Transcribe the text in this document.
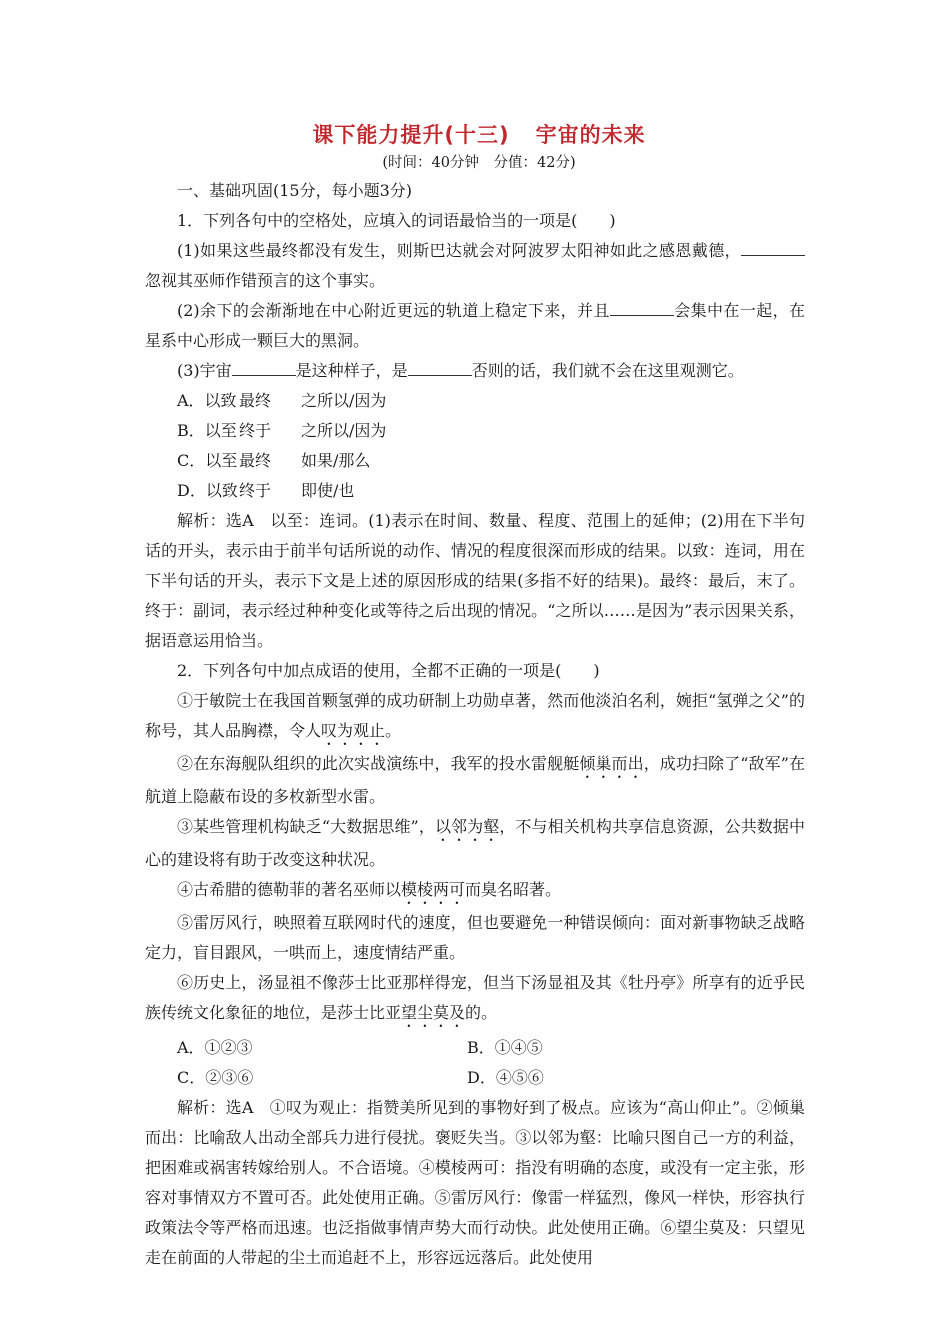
课下能力提升(十三) 宇宙的未来
(时间：40分钟　分值：42分)

一、基础巩固(15分，每小题3分)

1．下列各句中的空格处，应填入的词语最恰当的一项是(　　)

(1)如果这些最终都没有发生，则斯巴达就会对阿波罗太阳神如此之感恩戴德，忽视其巫师作错预言的这个事实。

(2)余下的会渐渐地在中心附近更远的轨道上稳定下来，并且	会集中在一起，在星系中心形成一颗巨大的黑洞。

(3)宇宙	是这种样子，是	否则的话，我们就不会在这里观测它。

A．以致 最终 之所以/因为
B．以至 终于 之所以/因为
C．以至 最终 如果/那么
D．以致终于 即使/也

解析：选A　以至：连词。(1)表示在时间、数量、程度、范围上的延伸；(2)用在下半句话的开头，表示由于前半句话所说的动作、情况的程度很深而形成的结果。以致：连词，用在下半句话的开头，表示下文是上述的原因形成的结果(多指不好的结果)。最终：最后，末了。终于：副词，表示经过种种变化或等待之后出现的情况。“之所以……是因为”表示因果关系，据语意运用恰当。

2．下列各句中加点成语的使用，全都不正确的一项是(　　)

①于敏院士在我国首颗氢弹的成功研制上功勋卓著，然而他淡泊名利，婉拒“氢弹之父”的称号，其人品胸襟，令人叹为观止。

②在东海舰队组织的此次实战演练中，我军的投水雷舰艇倾巢而出，成功扫除了“敌军”在航道上隐蔽布设的多枚新型水雷。

③某些管理机构缺乏“大数据思维”，以邻为壑，不与相关机构共享信息资源，公共数据中心的建设将有助于改变这种状况。

④古希腊的德勒菲的著名巫师以模棱两可而臭名昭著。

⑤雷厉风行，映照着互联网时代的速度，但也要避免一种错误倾向：面对新事物缺乏战略定力，盲目跟风，一哄而上，速度情结严重。

⑥历史上，汤显祖不像莎士比亚那样得宠，但当下汤显祖及其《牡丹亭》所享有的近乎民族传统文化象征的地位，是莎士比亚望尘莫及的。

A．①②③	B．①④⑤
C．②③⑥	D．④⑤⑥

解析：选A　①叹为观止：指赞美所见到的事物好到了极点。应该为“高山仰止”。②倾巢而出：比喻敌人出动全部兵力进行侵扰。褒贬失当。③以邻为壑：比喻只图自己一方的利益，把困难或祸害转嫁给别人。不合语境。④模棱两可：指没有明确的态度，或没有一定主张，形容对事情双方不置可否。此处使用正确。⑤雷厉风行：像雷一样猛烈，像风一样快，形容执行政策法令等严格而迅速。也泛指做事情声势大而行动快。此处使用正确。⑥望尘莫及：只望见走在前面的人带起的尘土而追赶不上，形容远远落后。此处使用
